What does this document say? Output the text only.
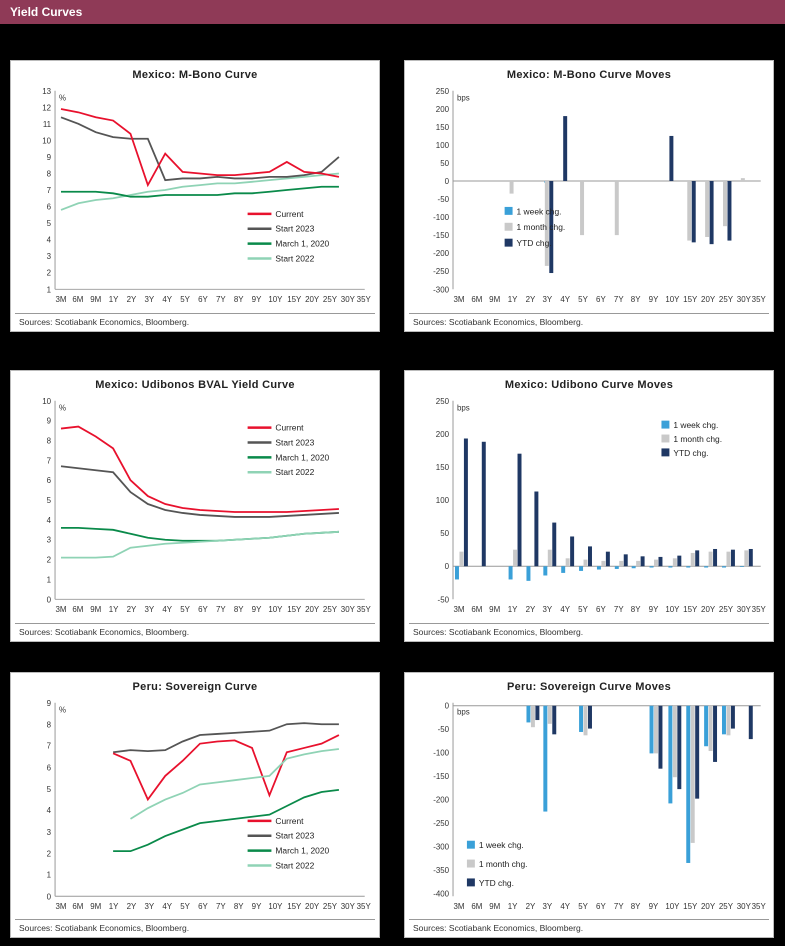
Yield Curves
Mexico: M-Bono Curve
%
13
12
11
10
9
8
7
6
5
4
3
2
1
3M 6M 9M 1Y 2Y 3Y 4Y 5Y 6Y 7Y 8Y 9Y 10Y 15Y 20Y 25Y 30Y 35Y
Current
Start 2023
March 1, 2020
Start 2022
Sources: Scotiabank Economics, Bloomberg.
Mexico: M-Bono Curve Moves
bps
250
200
150
100
50
0
-50
-100
-150
-200
-250
-300
3M 6M 9M 1Y 2Y 3Y 4Y 5Y 6Y 7Y 8Y 9Y 10Y 15Y 20Y 25Y 30Y 35Y
1 week chg.
1 month chg.
YTD chg.
Sources: Scotiabank Economics, Bloomberg.
Mexico: Udibonos BVAL Yield Curve
%
10
9
8
7
6
5
4
3
2
1
0
3M 6M 9M 1Y 2Y 3Y 4Y 5Y 6Y 7Y 8Y 9Y 10Y 15Y 20Y 25Y 30Y 35Y
Current
Start 2023
March 1, 2020
Start 2022
Sources: Scotiabank Economics, Bloomberg.
Mexico: Udibono Curve Moves
bps
250
200
150
100
50
0
-50
3M 6M 9M 1Y 2Y 3Y 4Y 5Y 6Y 7Y 8Y 9Y 10Y 15Y 20Y 25Y 30Y 35Y
1 week chg.
1 month chg.
YTD chg.
Sources: Scotiabank Economics, Bloomberg.
Peru: Sovereign Curve
%
9
8
7
6
5
4
3
2
1
0
3M 6M 9M 1Y 2Y 3Y 4Y 5Y 6Y 7Y 8Y 9Y 10Y 15Y 20Y 25Y 30Y 35Y
Current
Start 2023
March 1, 2020
Start 2022
Sources: Scotiabank Economics, Bloomberg.
Peru: Sovereign Curve Moves
bps
0
-50
-100
-150
-200
-250
-300
-350
-400
3M 6M 9M 1Y 2Y 3Y 4Y 5Y 6Y 7Y 8Y 9Y 10Y 15Y 20Y 25Y 30Y 35Y
1 week chg.
1 month chg.
YTD chg.
Sources: Scotiabank Economics, Bloomberg.
